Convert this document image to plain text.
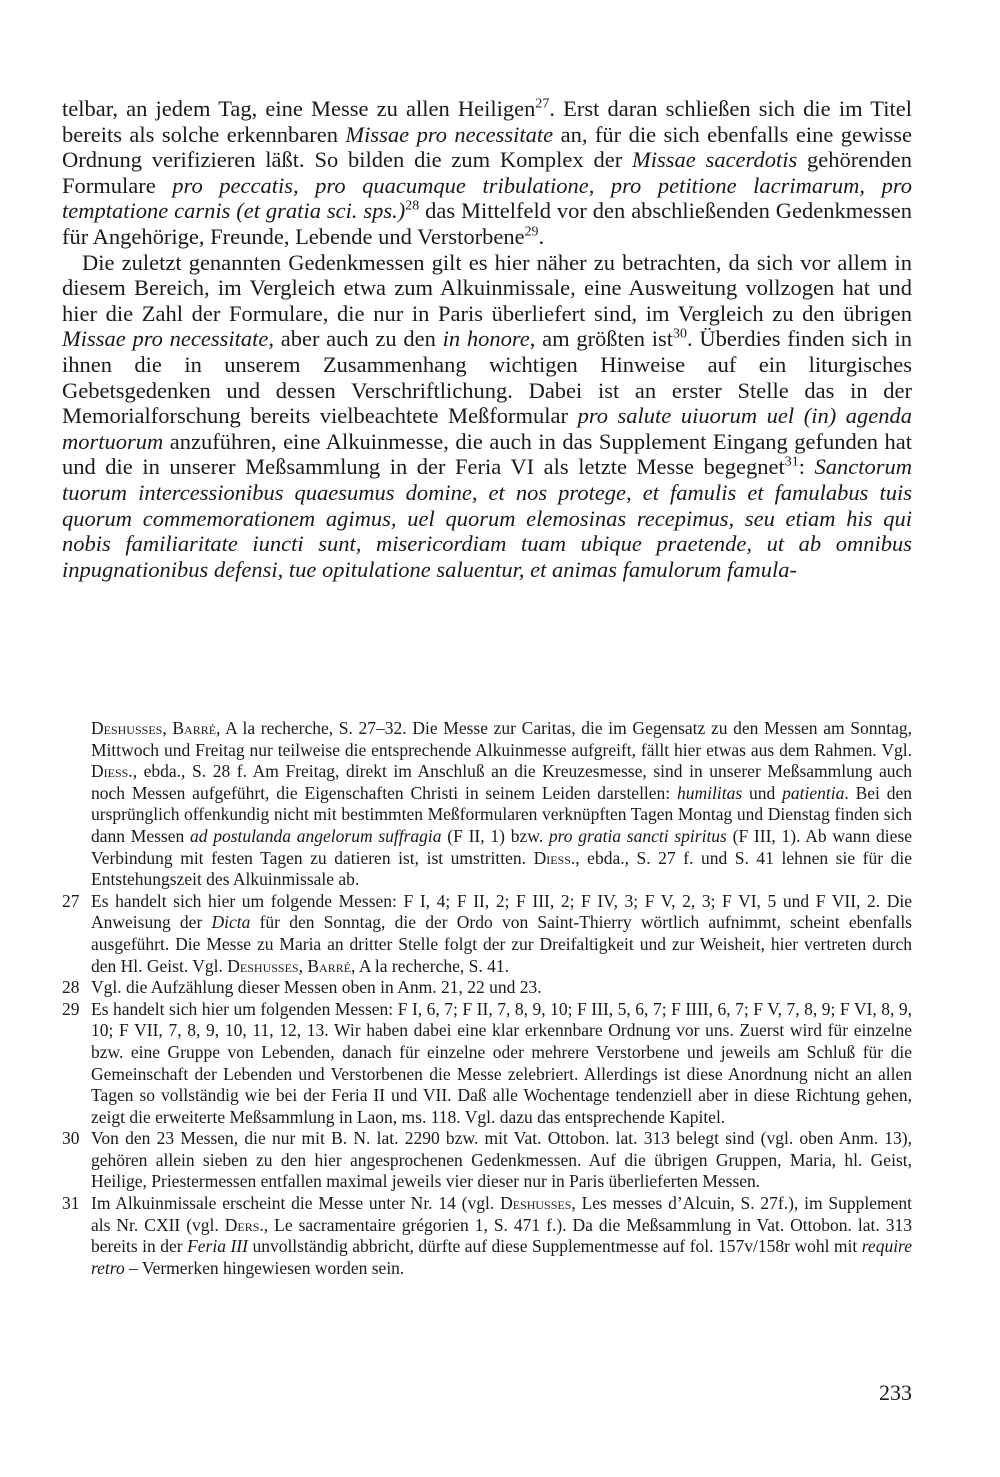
telbar, an jedem Tag, eine Messe zu allen Heiligen$^{27}$. Erst daran schließen sich die im Titel bereits als solche erkennbaren Missae pro necessitate an, für die sich ebenfalls eine gewisse Ordnung verifizieren läßt. So bilden die zum Komplex der Missae sacerdotis gehörenden Formulare pro peccatis, pro quacumque tribulatione, pro petitione lacrimarum, pro temptatione carnis (et gratia sci. sps.)$^{28}$ das Mittelfeld vor den abschließenden Gedenkmessen für Angehörige, Freunde, Lebende und Verstorbene$^{29}$.

Die zuletzt genannten Gedenkmessen gilt es hier näher zu betrachten, da sich vor allem in diesem Bereich, im Vergleich etwa zum Alkuinmissale, eine Ausweitung vollzogen hat und hier die Zahl der Formulare, die nur in Paris überliefert sind, im Vergleich zu den übrigen Missae pro necessitate, aber auch zu den in honore, am größten ist$^{30}$. Überdies finden sich in ihnen die in unserem Zusammenhang wichtigen Hinweise auf ein liturgisches Gebetsgedenken und dessen Verschriftlichung. Dabei ist an erster Stelle das in der Memorialforschung bereits vielbeachtete Meßformular pro salute uiuorum uel (in) agenda mortuorum anzuführen, eine Alkuinmesse, die auch in das Supplement Eingang gefunden hat und die in unserer Meßsammlung in der Feria VI als letzte Messe begegnet$^{31}$: Sanctorum tuorum intercessionibus quaesumus domine, et nos protege, et famulis et famulabus tuis quorum commemorationem agimus, uel quorum elemosinas recepimus, seu etiam his qui nobis familiaritate iuncti sunt, misericordiam tuam ubique praetende, ut ab omnibus inpugnationibus defensi, tue opitulatione saluentur, et animas famulorum famula-

Deshusses, Barré, A la recherche, S. 27–32. Die Messe zur Caritas, die im Gegensatz zu den Messen am Sonntag, Mittwoch und Freitag nur teilweise die entsprechende Alkuinmesse aufgreift, fällt hier etwas aus dem Rahmen. Vgl. Diess., ebda., S. 28 f. Am Freitag, direkt im Anschluß an die Kreuzesmesse, sind in unserer Meßsammlung auch noch Messen aufgeführt, die Eigenschaften Christi in seinem Leiden darstellen: humilitas und patientia. Bei den ursprünglich offenkundig nicht mit bestimmten Meßformularen verknüpften Tagen Montag und Dienstag finden sich dann Messen ad postulanda angelorum suffragia (F II, 1) bzw. pro gratia sancti spiritus (F III, 1). Ab wann diese Verbindung mit festen Tagen zu datieren ist, ist umstritten. Diess., ebda., S. 27 f. und S. 41 lehnen sie für die Entstehungszeit des Alkuinmissale ab.

27 Es handelt sich hier um folgende Messen: F I, 4; F II, 2; F III, 2; F IV, 3; F V, 2, 3; F VI, 5 und F VII, 2. Die Anweisung der Dicta für den Sonntag, die der Ordo von Saint-Thierry wörtlich aufnimmt, scheint ebenfalls ausgeführt. Die Messe zu Maria an dritter Stelle folgt der zur Dreifaltigkeit und zur Weisheit, hier vertreten durch den Hl. Geist. Vgl. Deshusses, Barré, A la recherche, S. 41.

28 Vgl. die Aufzählung dieser Messen oben in Anm. 21, 22 und 23.

29 Es handelt sich hier um folgenden Messen: F I, 6, 7; F II, 7, 8, 9, 10; F III, 5, 6, 7; F IIII, 6, 7; F V, 7, 8, 9; F VI, 8, 9, 10; F VII, 7, 8, 9, 10, 11, 12, 13. Wir haben dabei eine klar erkennbare Ordnung vor uns. Zuerst wird für einzelne bzw. eine Gruppe von Lebenden, danach für einzelne oder mehrere Verstorbene und jeweils am Schluß für die Gemeinschaft der Lebenden und Verstorbenen die Messe zelebriert. Allerdings ist diese Anordnung nicht an allen Tagen so vollständig wie bei der Feria II und VII. Daß alle Wochentage tendenziell aber in diese Richtung gehen, zeigt die erweiterte Meßsammlung in Laon, ms. 118. Vgl. dazu das entsprechende Kapitel.

30 Von den 23 Messen, die nur mit B. N. lat. 2290 bzw. mit Vat. Ottobon. lat. 313 belegt sind (vgl. oben Anm. 13), gehören allein sieben zu den hier angesprochenen Gedenkmessen. Auf die übrigen Gruppen, Maria, hl. Geist, Heilige, Priestermessen entfallen maximal jeweils vier dieser nur in Paris überlieferten Messen.

31 Im Alkuinmissale erscheint die Messe unter Nr. 14 (vgl. Deshusses, Les messes d’Alcuin, S. 27f.), im Supplement als Nr. CXII (vgl. Ders., Le sacramentaire grégorien 1, S. 471 f.). Da die Meßsammlung in Vat. Ottobon. lat. 313 bereits in der Feria III unvollständig abbricht, dürfte auf diese Supplementmesse auf fol. 157v/158r wohl mit require retro – Vermerken hingewiesen worden sein.

233
